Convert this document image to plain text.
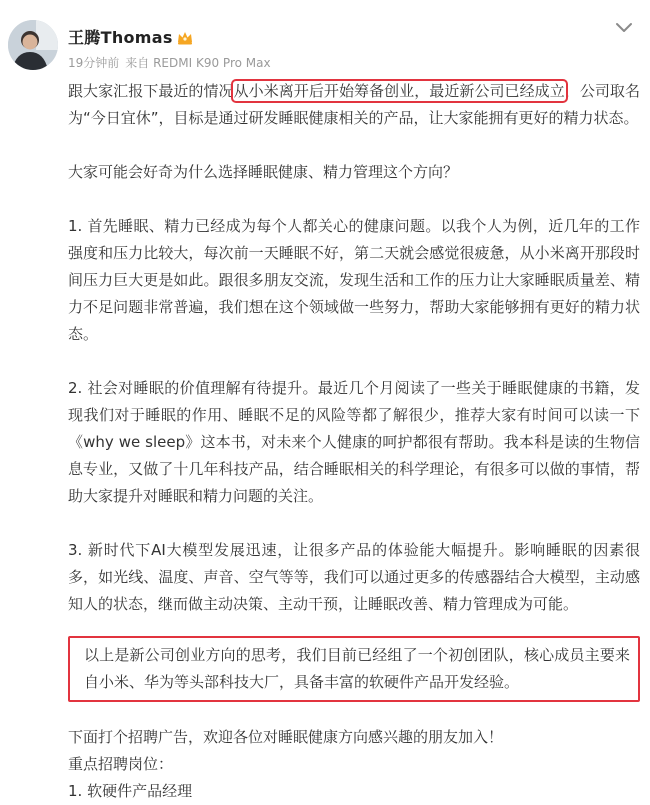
王腾Thomas
19分钟前 来自 REDMI K90 Pro Max

跟大家汇报下最近的情况从小米离开后开始筹备创业，最近新公司已经成立，公司取名为“今日宜休”，目标是通过研发睡眠健康相关的产品，让大家能拥有更好的精力状态。

大家可能会好奇为什么选择睡眠健康、精力管理这个方向？

1. 首先睡眠、精力已经成为每个人都关心的健康问题。以我个人为例，近几年的工作强度和压力比较大，每次前一天睡眠不好，第二天就会感觉很疲惫，从小米离开那段时间压力巨大更是如此。跟很多朋友交流，发现生活和工作的压力让大家睡眠质量差、精力不足问题非常普遍，我们想在这个领域做一些努力，帮助大家能够拥有更好的精力状态。

2. 社会对睡眠的价值理解有待提升。最近几个月阅读了一些关于睡眠健康的书籍，发现我们对于睡眠的作用、睡眠不足的风险等都了解很少，推荐大家有时间可以读一下《why we sleep》这本书，对未来个人健康的呵护都很有帮助。我本科是读的生物信息专业，又做了十几年科技产品，结合睡眠相关的科学理论，有很多可以做的事情，帮助大家提升对睡眠和精力问题的关注。

3. 新时代下AI大模型发展迅速，让很多产品的体验能大幅提升。影响睡眠的因素很多，如光线、温度、声音、空气等等，我们可以通过更多的传感器结合大模型，主动感知人的状态，继而做主动决策、主动干预，让睡眠改善、精力管理成为可能。

以上是新公司创业方向的思考，我们目前已经组了一个初创团队，核心成员主要来自小米、华为等头部科技大厂，具备丰富的软硬件产品开发经验。

下面打个招聘广告，欢迎各位对睡眠健康方向感兴趣的朋友加入！

重点招聘岗位：

1. 软硬件产品经理
